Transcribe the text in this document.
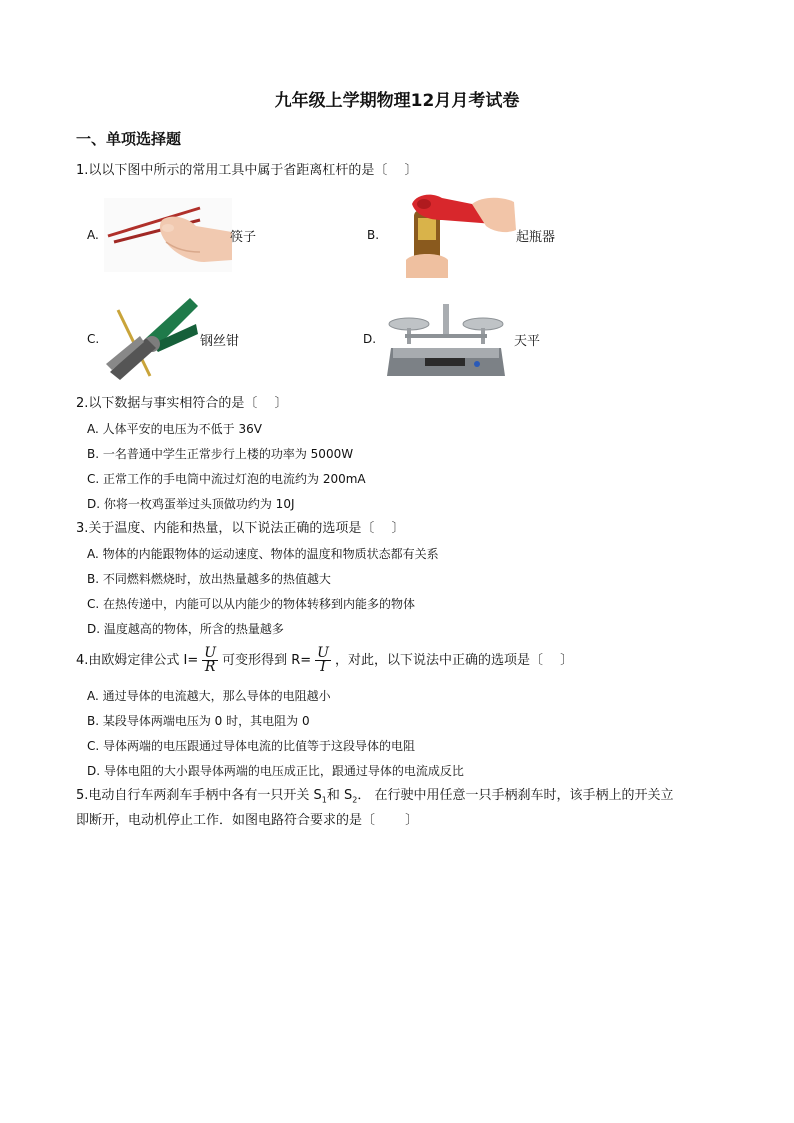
九年级上学期物理12月月考试卷
一、单项选择题
1.以以下图中所示的常用工具中属于省距离杠杆的是〔　 〕
A.	筷子	B.	起瓶器
C.	钢丝钳	D.	天平
2.以下数据与事实相符合的是〔　 〕
A. 人体平安的电压为不低于 36V
B. 一名普通中学生正常步行上楼的功率为 5000W
C. 正常工作的手电筒中流过灯泡的电流约为 200mA
D. 你将一枚鸡蛋举过头顶做功约为 10J
3.关于温度、内能和热量，以下说法正确的选项是〔　 〕
A. 物体的内能跟物体的运动速度、物体的温度和物质状态都有关系
B. 不同燃料燃烧时，放出热量越多的热值越大
C. 在热传递中，内能可以从内能少的物体转移到内能多的物体
D. 温度越高的物体，所含的热量越多
4.由欧姆定律公式 $I= \frac{U}{R}$ 可变形得到 $R= \frac{U}{I}$ ，对此，以下说法中正确的选项是〔　 〕
A. 通过导体的电流越大，那么导体的电阻越小
B. 某段导体两端电压为 0 时，其电阻为 0
C. 导体两端的电压跟通过导体电流的比值等于这段导体的电阻
D. 导体电阻的大小跟导体两端的电压成正比，跟通过导体的电流成反比
5.电动自行车两刹车手柄中各有一只开关 $S_1$和 $S_2$． 在行驶中用任意一只手柄刹车时，该手柄上的开关立
即断开，电动机停止工作．如图电路符合要求的是〔　　 〕
